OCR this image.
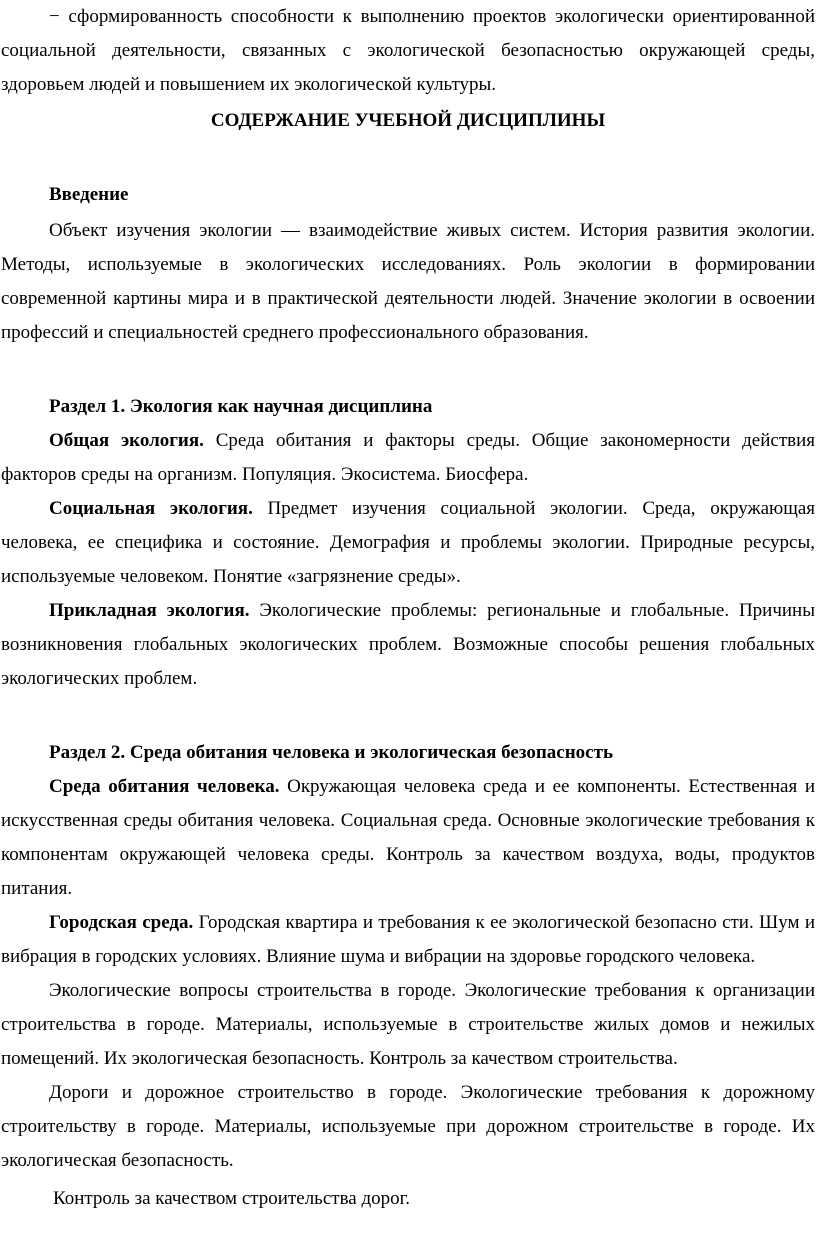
− сформированность способности к выполнению проектов экологически ориентированной социальной деятельности, связанных с экологической безопасностью окружающей среды, здоровьем людей и повышением их экологической культуры.

СОДЕРЖАНИЕ УЧЕБНОЙ ДИСЦИПЛИНЫ

Введение

Объект изучения экологии — взаимодействие живых систем. История развития экологии. Методы, используемые в экологических исследованиях. Роль экологии в формировании современной картины мира и в практической деятельности людей. Значение экологии в освоении профессий и специальностей среднего профессионального образования.

Раздел 1. Экология как научная дисциплина

Общая экология. Среда обитания и факторы среды. Общие закономерности действия факторов среды на организм. Популяция. Экосистема. Биосфера.

Социальная экология. Предмет изучения социальной экологии. Среда, окружающая человека, ее специфика и состояние. Демография и проблемы экологии. Природные ресурсы, используемые человеком. Понятие «загрязнение среды».

Прикладная экология. Экологические проблемы: региональные и глобальные. Причины возникновения глобальных экологических проблем. Возможные способы решения глобальных экологических проблем.

Раздел 2. Среда обитания человека и экологическая безопасность

Среда обитания человека. Окружающая человека среда и ее компоненты. Естественная и искусственная среды обитания человека. Социальная среда. Основные экологические требования к компонентам окружающей человека среды. Контроль за качеством воздуха, воды, продуктов питания.

Городская среда. Городская квартира и требования к ее экологической безопасно сти. Шум и вибрация в городских условиях. Влияние шума и вибрации на здоровье городского человека.

Экологические вопросы строительства в городе. Экологические требования к организации строительства в городе. Материалы, используемые в строительстве жилых домов и нежилых помещений. Их экологическая безопасность. Контроль за качеством строительства.

Дороги и дорожное строительство в городе. Экологические требования к дорожному строительству в городе. Материалы, используемые при дорожном строительстве в городе. Их экологическая безопасность.

Контроль за качеством строительства дорог.
